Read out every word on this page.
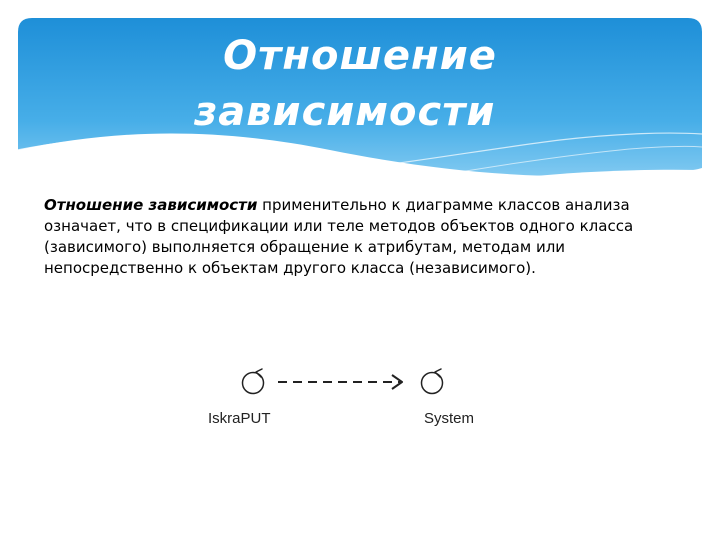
Отношение
зависимости
Отношение зависимости применительно к диаграмме классов анализа означает, что в спецификации или теле методов объектов одного класса (зависимого) выполняется обращение к атрибутам, методам или непосредственно к объектам другого класса (независимого).
IskraPUT	System
